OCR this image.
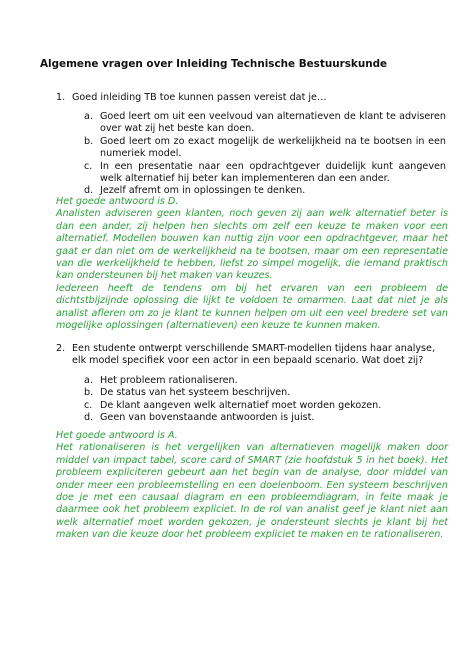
Algemene vragen over Inleiding Technische Bestuurskunde
1. Goed inleiding TB toe kunnen passen vereist dat je…
a. Goed leert om uit een veelvoud van alternatieven de klant te adviseren over wat zij het beste kan doen.
b. Goed leert om zo exact mogelijk de werkelijkheid na te bootsen in een numeriek model.
c. In een presentatie naar een opdrachtgever duidelijk kunt aangeven welk alternatief hij beter kan implementeren dan een ander.
d. Jezelf afremt om in oplossingen te denken.

Het goede antwoord is D.

Analisten adviseren geen klanten, noch geven zij aan welk alternatief beter is dan een ander, zij helpen hen slechts om zelf een keuze te maken voor een alternatief. Modellen bouwen kan nuttig zijn voor een opdrachtgever, maar het gaat er dan niet om de werkelijkheid na te bootsen, maar om een representatie van die werkelijkheid te hebben, liefst zo simpel mogelijk, die iemand praktisch kan ondersteunen bij het maken van keuzes.

Iedereen heeft de tendens om bij het ervaren van een probleem de dichtstbijzijnde oplossing die lijkt te voldoen te omarmen. Laat dat niet je als analist afleren om zo je klant te kunnen helpen om uit een veel bredere set van mogelijke oplossingen (alternatieven) een keuze te kunnen maken.

2. Een studente ontwerpt verschillende SMART-modellen tijdens haar analyse, elk model specifiek voor een actor in een bepaald scenario. Wat doet zij?
a. Het probleem rationaliseren.
b. De status van het systeem beschrijven.
c. De klant aangeven welk alternatief moet worden gekozen.
d. Geen van bovenstaande antwoorden is juist.

Het goede antwoord is A.

Het rationaliseren is het vergelijken van alternatieven mogelijk maken door middel van impact tabel, score card of SMART (zie hoofdstuk 5 in het boek). Het probleem expliciteren gebeurt aan het begin van de analyse, door middel van onder meer een probleemstelling en een doelenboom. Een systeem beschrijven doe je met een causaal diagram en een probleemdiagram, in feite maak je daarmee ook het probleem expliciet. In de rol van analist geef je klant niet aan welk alternatief moet worden gekozen, je ondersteunt slechts je klant bij het maken van die keuze door het probleem expliciet te maken en te rationaliseren.
